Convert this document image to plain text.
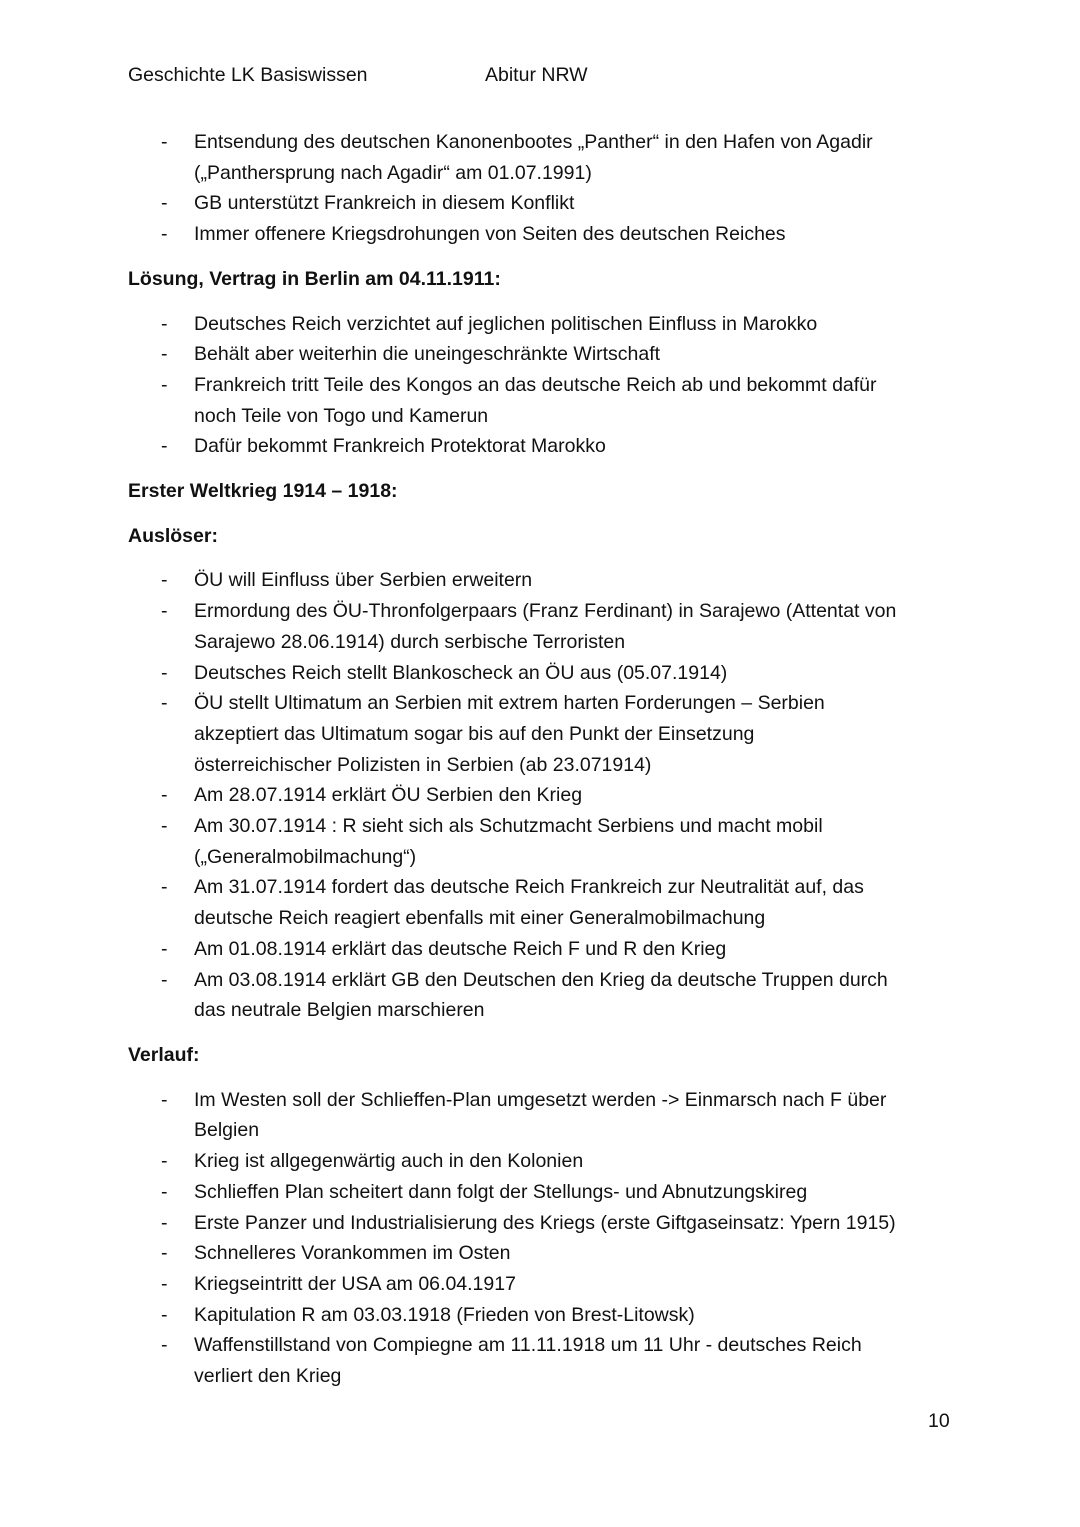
Geschichte LK Basiswissen	Abitur NRW
- Entsendung des deutschen Kanonenbootes „Panther“ in den Hafen von Agadir
(„Panthersprung nach Agadir“ am 01.07.1991)
- GB unterstützt Frankreich in diesem Konflikt
- Immer offenere Kriegsdrohungen von Seiten des deutschen Reiches
Lösung, Vertrag in Berlin am 04.11.1911:
- Deutsches Reich verzichtet auf jeglichen politischen Einfluss in Marokko
- Behält aber weiterhin die uneingeschränkte Wirtschaft
- Frankreich tritt Teile des Kongos an das deutsche Reich ab und bekommt dafür
noch Teile von Togo und Kamerun
- Dafür bekommt Frankreich Protektorat Marokko
Erster Weltkrieg 1914 – 1918:
Auslöser:
- ÖU will Einfluss über Serbien erweitern
- Ermordung des ÖU-Thronfolgerpaars (Franz Ferdinant) in Sarajewo (Attentat von
Sarajewo 28.06.1914) durch serbische Terroristen
- Deutsches Reich stellt Blankoscheck an ÖU aus (05.07.1914)
- ÖU stellt Ultimatum an Serbien mit extrem harten Forderungen – Serbien
akzeptiert das Ultimatum sogar bis auf den Punkt der Einsetzung
österreichischer Polizisten in Serbien (ab 23.071914)
- Am 28.07.1914 erklärt ÖU Serbien den Krieg
- Am 30.07.1914 : R sieht sich als Schutzmacht Serbiens und macht mobil
(„Generalmobilmachung“)
- Am 31.07.1914 fordert das deutsche Reich Frankreich zur Neutralität auf, das
deutsche Reich reagiert ebenfalls mit einer Generalmobilmachung
- Am 01.08.1914 erklärt das deutsche Reich F und R den Krieg
- Am 03.08.1914 erklärt GB den Deutschen den Krieg da deutsche Truppen durch
das neutrale Belgien marschieren
Verlauf:
- Im Westen soll der Schlieffen-Plan umgesetzt werden -> Einmarsch nach F über
Belgien
- Krieg ist allgegenwärtig auch in den Kolonien
- Schlieffen Plan scheitert dann folgt der Stellungs- und Abnutzungskireg
- Erste Panzer und Industrialisierung des Kriegs (erste Giftgaseinsatz: Ypern 1915)
- Schnelleres Vorankommen im Osten
- Kriegseintritt der USA am 06.04.1917
- Kapitulation R am 03.03.1918 (Frieden von Brest-Litowsk)
- Waffenstillstand von Compiegne am 11.11.1918 um 11 Uhr - deutsches Reich
verliert den Krieg
10
